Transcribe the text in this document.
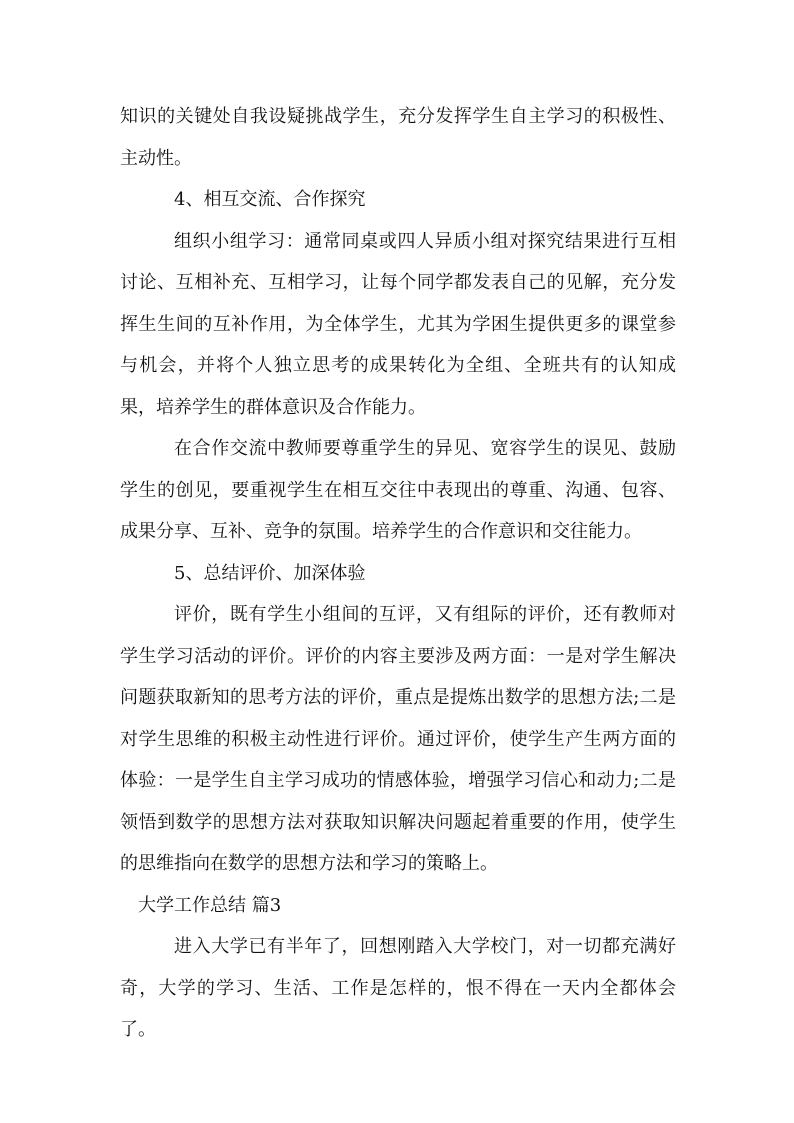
知识的关键处自我设疑挑战学生，充分发挥学生自主学习的积极性、主动性。

4、相互交流、合作探究

组织小组学习：通常同桌或四人异质小组对探究结果进行互相讨论、互相补充、互相学习，让每个同学都发表自己的见解，充分发挥生生间的互补作用，为全体学生，尤其为学困生提供更多的课堂参与机会，并将个人独立思考的成果转化为全组、全班共有的认知成果，培养学生的群体意识及合作能力。

在合作交流中教师要尊重学生的异见、宽容学生的误见、鼓励学生的创见，要重视学生在相互交往中表现出的尊重、沟通、包容、成果分享、互补、竞争的氛围。培养学生的合作意识和交往能力。

5、总结评价、加深体验

评价，既有学生小组间的互评，又有组际的评价，还有教师对学生学习活动的评价。评价的内容主要涉及两方面：一是对学生解决问题获取新知的思考方法的评价，重点是提炼出数学的思想方法;二是对学生思维的积极主动性进行评价。通过评价，使学生产生两方面的体验：一是学生自主学习成功的情感体验，增强学习信心和动力;二是领悟到数学的思想方法对获取知识解决问题起着重要的作用，使学生的思维指向在数学的思想方法和学习的策略上。

大学工作总结 篇3

进入大学已有半年了，回想刚踏入大学校门，对一切都充满好奇，大学的学习、生活、工作是怎样的，恨不得在一天内全都体会了。
